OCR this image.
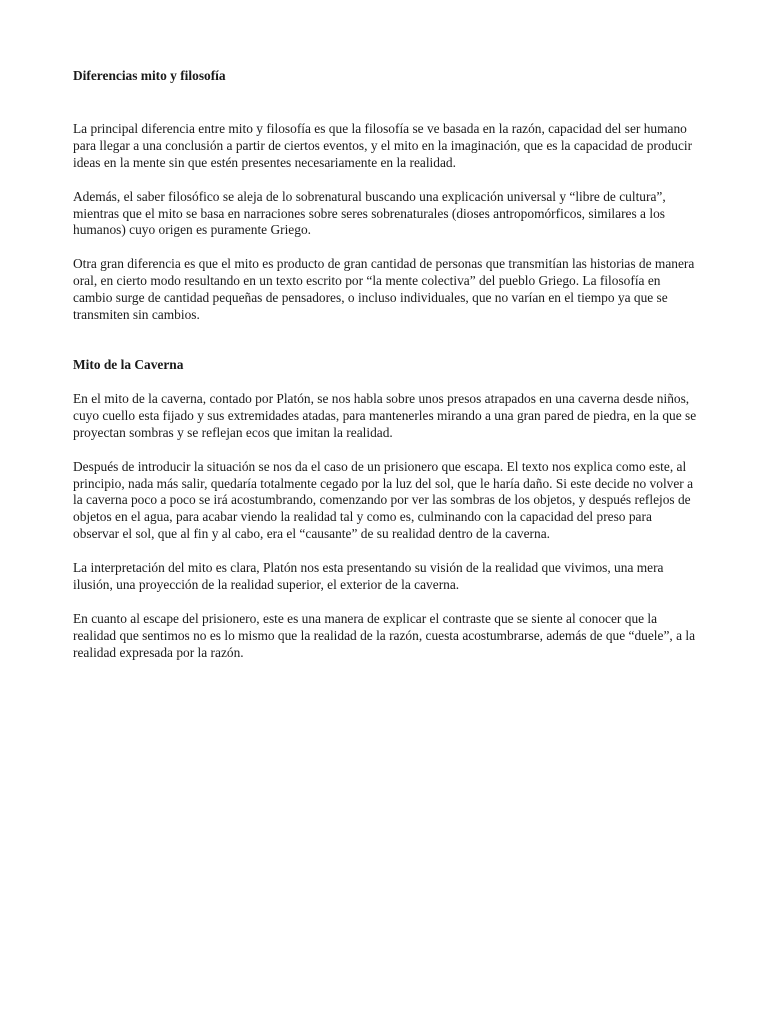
Diferencias mito y filosofía

La principal diferencia entre mito y filosofía es que la filosofía se ve basada en la razón, capacidad del ser humano para llegar a una conclusión a partir de ciertos eventos, y el mito en la imaginación, que es la capacidad de producir ideas en la mente sin que estén presentes necesariamente en la realidad.

Además, el saber filosófico se aleja de lo sobrenatural buscando una explicación universal y “libre de cultura”, mientras que el mito se basa en narraciones sobre seres sobrenaturales (dioses antropomórficos, similares a los humanos) cuyo origen es puramente Griego.

Otra gran diferencia es que el mito es producto de gran cantidad de personas que transmitían las historias de manera oral, en cierto modo resultando en un texto escrito por “la mente colectiva” del pueblo Griego. La filosofía en cambio surge de cantidad pequeñas de pensadores, o incluso individuales, que no varían en el tiempo ya que se transmiten sin cambios.

Mito de la Caverna

En el mito de la caverna, contado por Platón, se nos habla sobre unos presos atrapados en una caverna desde niños, cuyo cuello esta fijado y sus extremidades atadas, para mantenerles mirando a una gran pared de piedra, en la que se proyectan sombras y se reflejan ecos que imitan la realidad.

Después de introducir la situación se nos da el caso de un prisionero que escapa. El texto nos explica como este, al principio, nada más salir, quedaría totalmente cegado por la luz del sol, que le haría daño. Si este decide no volver a la caverna poco a poco se irá acostumbrando, comenzando por ver las sombras de los objetos, y después reflejos de objetos en el agua, para acabar viendo la realidad tal y como es, culminando con la capacidad del preso para observar el sol, que al fin y al cabo, era el “causante” de su realidad dentro de la caverna.

La interpretación del mito es clara, Platón nos esta presentando su visión de la realidad que vivimos, una mera ilusión, una proyección de la realidad superior, el exterior de la caverna.

En cuanto al escape del prisionero, este es una manera de explicar el contraste que se siente al conocer que la realidad que sentimos no es lo mismo que la realidad de la razón, cuesta acostumbrarse, además de que “duele”, a la realidad expresada por la razón.
